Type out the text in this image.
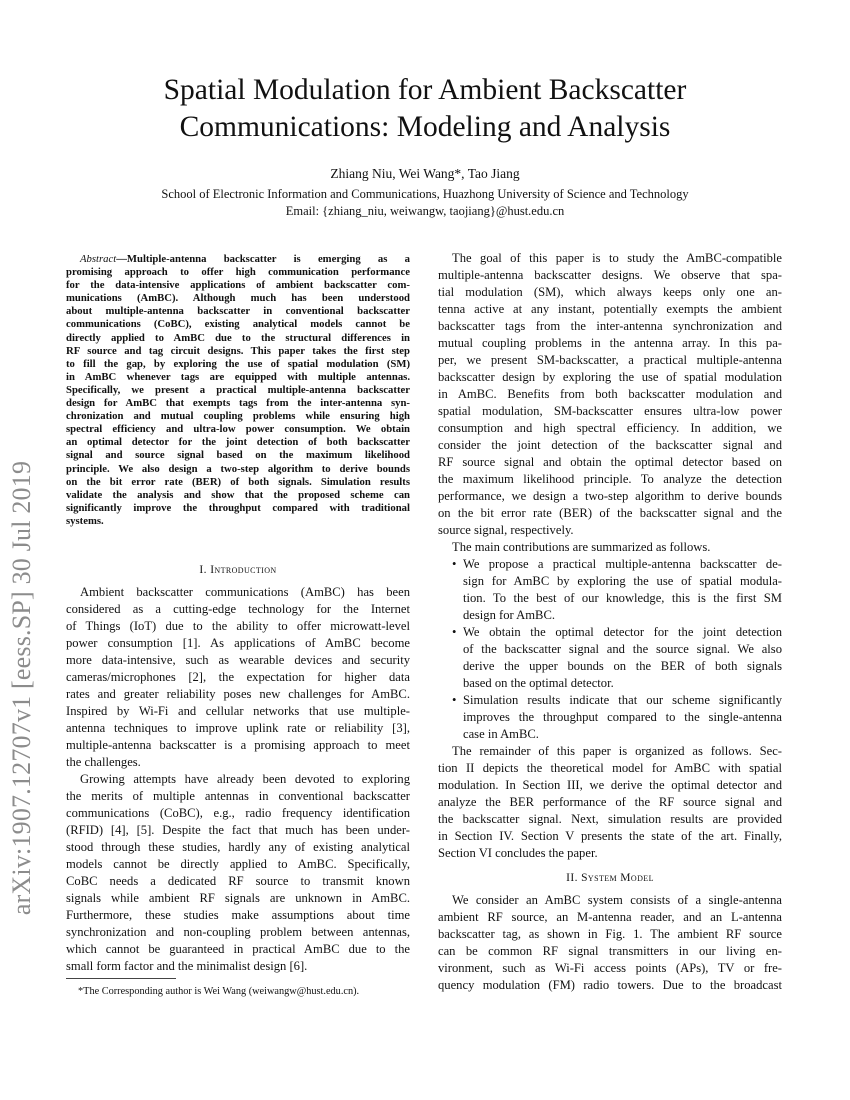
arXiv:1907.12707v1 [eess.SP] 30 Jul 2019
Spatial Modulation for Ambient Backscatter
Communications: Modeling and Analysis
Zhiang Niu, Wei Wang*, Tao Jiang
School of Electronic Information and Communications, Huazhong University of Science and Technology
Email: {zhiang_niu, weiwangw, taojiang}@hust.edu.cn
Abstract—Multiple-antenna backscatter is emerging as a
promising approach to offer high communication performance
for the data-intensive applications of ambient backscatter com-
munications (AmBC). Although much has been understood
about multiple-antenna backscatter in conventional backscatter
communications (CoBC), existing analytical models cannot be
directly applied to AmBC due to the structural differences in
RF source and tag circuit designs. This paper takes the first step
to fill the gap, by exploring the use of spatial modulation (SM)
in AmBC whenever tags are equipped with multiple antennas.
Specifically, we present a practical multiple-antenna backscatter
design for AmBC that exempts tags from the inter-antenna syn-
chronization and mutual coupling problems while ensuring high
spectral efficiency and ultra-low power consumption. We obtain
an optimal detector for the joint detection of both backscatter
signal and source signal based on the maximum likelihood
principle. We also design a two-step algorithm to derive bounds
on the bit error rate (BER) of both signals. Simulation results
validate the analysis and show that the proposed scheme can
significantly improve the throughput compared with traditional
systems.
I. Introduction
Ambient backscatter communications (AmBC) has been
considered as a cutting-edge technology for the Internet
of Things (IoT) due to the ability to offer microwatt-level
power consumption [1]. As applications of AmBC become
more data-intensive, such as wearable devices and security
cameras/microphones [2], the expectation for higher data
rates and greater reliability poses new challenges for AmBC.
Inspired by Wi-Fi and cellular networks that use multiple-
antenna techniques to improve uplink rate or reliability [3],
multiple-antenna backscatter is a promising approach to meet
the challenges.
Growing attempts have already been devoted to exploring
the merits of multiple antennas in conventional backscatter
communications (CoBC), e.g., radio frequency identification
(RFID) [4], [5]. Despite the fact that much has been under-
stood through these studies, hardly any of existing analytical
models cannot be directly applied to AmBC. Specifically,
CoBC needs a dedicated RF source to transmit known
signals while ambient RF signals are unknown in AmBC.
Furthermore, these studies make assumptions about time
synchronization and non-coupling problem between antennas,
which cannot be guaranteed in practical AmBC due to the
small form factor and the minimalist design [6].
*The Corresponding author is Wei Wang (weiwangw@hust.edu.cn).
The goal of this paper is to study the AmBC-compatible
multiple-antenna backscatter designs. We observe that spa-
tial modulation (SM), which always keeps only one an-
tenna active at any instant, potentially exempts the ambient
backscatter tags from the inter-antenna synchronization and
mutual coupling problems in the antenna array. In this pa-
per, we present SM-backscatter, a practical multiple-antenna
backscatter design by exploring the use of spatial modulation
in AmBC. Benefits from both backscatter modulation and
spatial modulation, SM-backscatter ensures ultra-low power
consumption and high spectral efficiency. In addition, we
consider the joint detection of the backscatter signal and
RF source signal and obtain the optimal detector based on
the maximum likelihood principle. To analyze the detection
performance, we design a two-step algorithm to derive bounds
on the bit error rate (BER) of the backscatter signal and the
source signal, respectively.
The main contributions are summarized as follows.
• We propose a practical multiple-antenna backscatter de-
sign for AmBC by exploring the use of spatial modula-
tion. To the best of our knowledge, this is the first SM
design for AmBC.
• We obtain the optimal detector for the joint detection
of the backscatter signal and the source signal. We also
derive the upper bounds on the BER of both signals
based on the optimal detector.
• Simulation results indicate that our scheme significantly
improves the throughput compared to the single-antenna
case in AmBC.
The remainder of this paper is organized as follows. Sec-
tion II depicts the theoretical model for AmBC with spatial
modulation. In Section III, we derive the optimal detector and
analyze the BER performance of the RF source signal and
the backscatter signal. Next, simulation results are provided
in Section IV. Section V presents the state of the art. Finally,
Section VI concludes the paper.
II. System Model
We consider an AmBC system consists of a single-antenna
ambient RF source, an M-antenna reader, and an L-antenna
backscatter tag, as shown in Fig. 1. The ambient RF source
can be common RF signal transmitters in our living en-
vironment, such as Wi-Fi access points (APs), TV or fre-
quency modulation (FM) radio towers. Due to the broadcast
